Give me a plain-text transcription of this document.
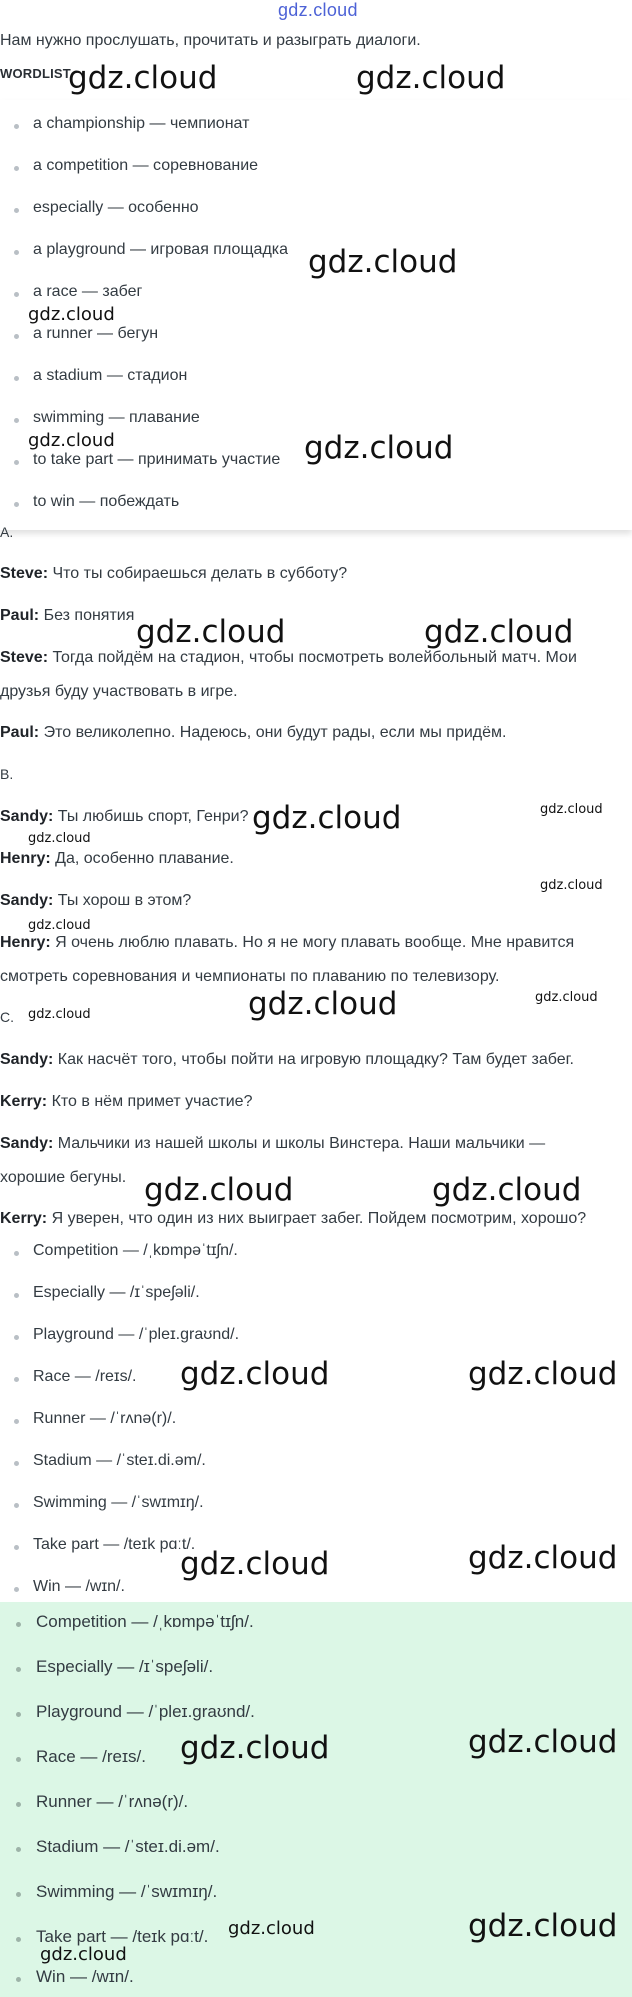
gdz.cloud
Нам нужно прослушать, прочитать и разыграть диалоги.
WORDLIST
a championship — чемпионат
a competition — соревнование
especially — особенно
a playground — игровая площадка
a race — забег
a runner — бегун
a stadium — стадион
swimming — плавание
to take part — принимать участие
to win — побеждать
A.
Steve: Что ты собираешься делать в субботу?
Paul: Без понятия
Steve: Тогда пойдём на стадион, чтобы посмотреть волейбольный матч. Мои
друзья буду участвовать в игре.
Paul: Это великолепно. Надеюсь, они будут рады, если мы придём.
B.
Sandy: Ты любишь спорт, Генри?
Henry: Да, особенно плавание.
Sandy: Ты хорош в этом?
Henry: Я очень люблю плавать. Но я не могу плавать вообще. Мне нравится
смотреть соревнования и чемпионаты по плаванию по телевизору.
C.
Sandy: Как насчёт того, чтобы пойти на игровую площадку? Там будет забег.
Kerry: Кто в нём примет участие?
Sandy: Мальчики из нашей школы и школы Винстера. Наши мальчики —
хорошие бегуны.
Kerry: Я уверен, что один из них выиграет забег. Пойдем посмотрим, хорошо?
Competition — /ˌkɒmpəˈtɪʃn/.
Especially — /ɪˈspeʃəli/.
Playground — /ˈpleɪ.ɡraʊnd/.
Race — /reɪs/.
Runner — /ˈrʌnə(r)/.
Stadium — /ˈsteɪ.di.əm/.
Swimming — /ˈswɪmɪŋ/.
Take part — /teɪk pɑːt/.
Win — /wɪn/.
Competition — /ˌkɒmpəˈtɪʃn/.
Especially — /ɪˈspeʃəli/.
Playground — /ˈpleɪ.ɡraʊnd/.
Race — /reɪs/.
Runner — /ˈrʌnə(r)/.
Stadium — /ˈsteɪ.di.əm/.
Swimming — /ˈswɪmɪŋ/.
Take part — /teɪk pɑːt/.
Win — /wɪn/.
gdz.cloud	gdz.cloud
gdz.cloud
gdz.cloud
gdz.cloud	gdz.cloud
gdz.cloud	gdz.cloud
gdz.cloud	gdz.cloud
gdz.cloud
gdz.cloud
gdz.cloud
gdz.cloud	gdz.cloud
gdz.cloud
gdz.cloud	gdz.cloud
gdz.cloud	gdz.cloud
gdz.cloud	gdz.cloud
gdz.cloud	gdz.cloud
gdz.cloud	gdz.cloud
gdz.cloud
